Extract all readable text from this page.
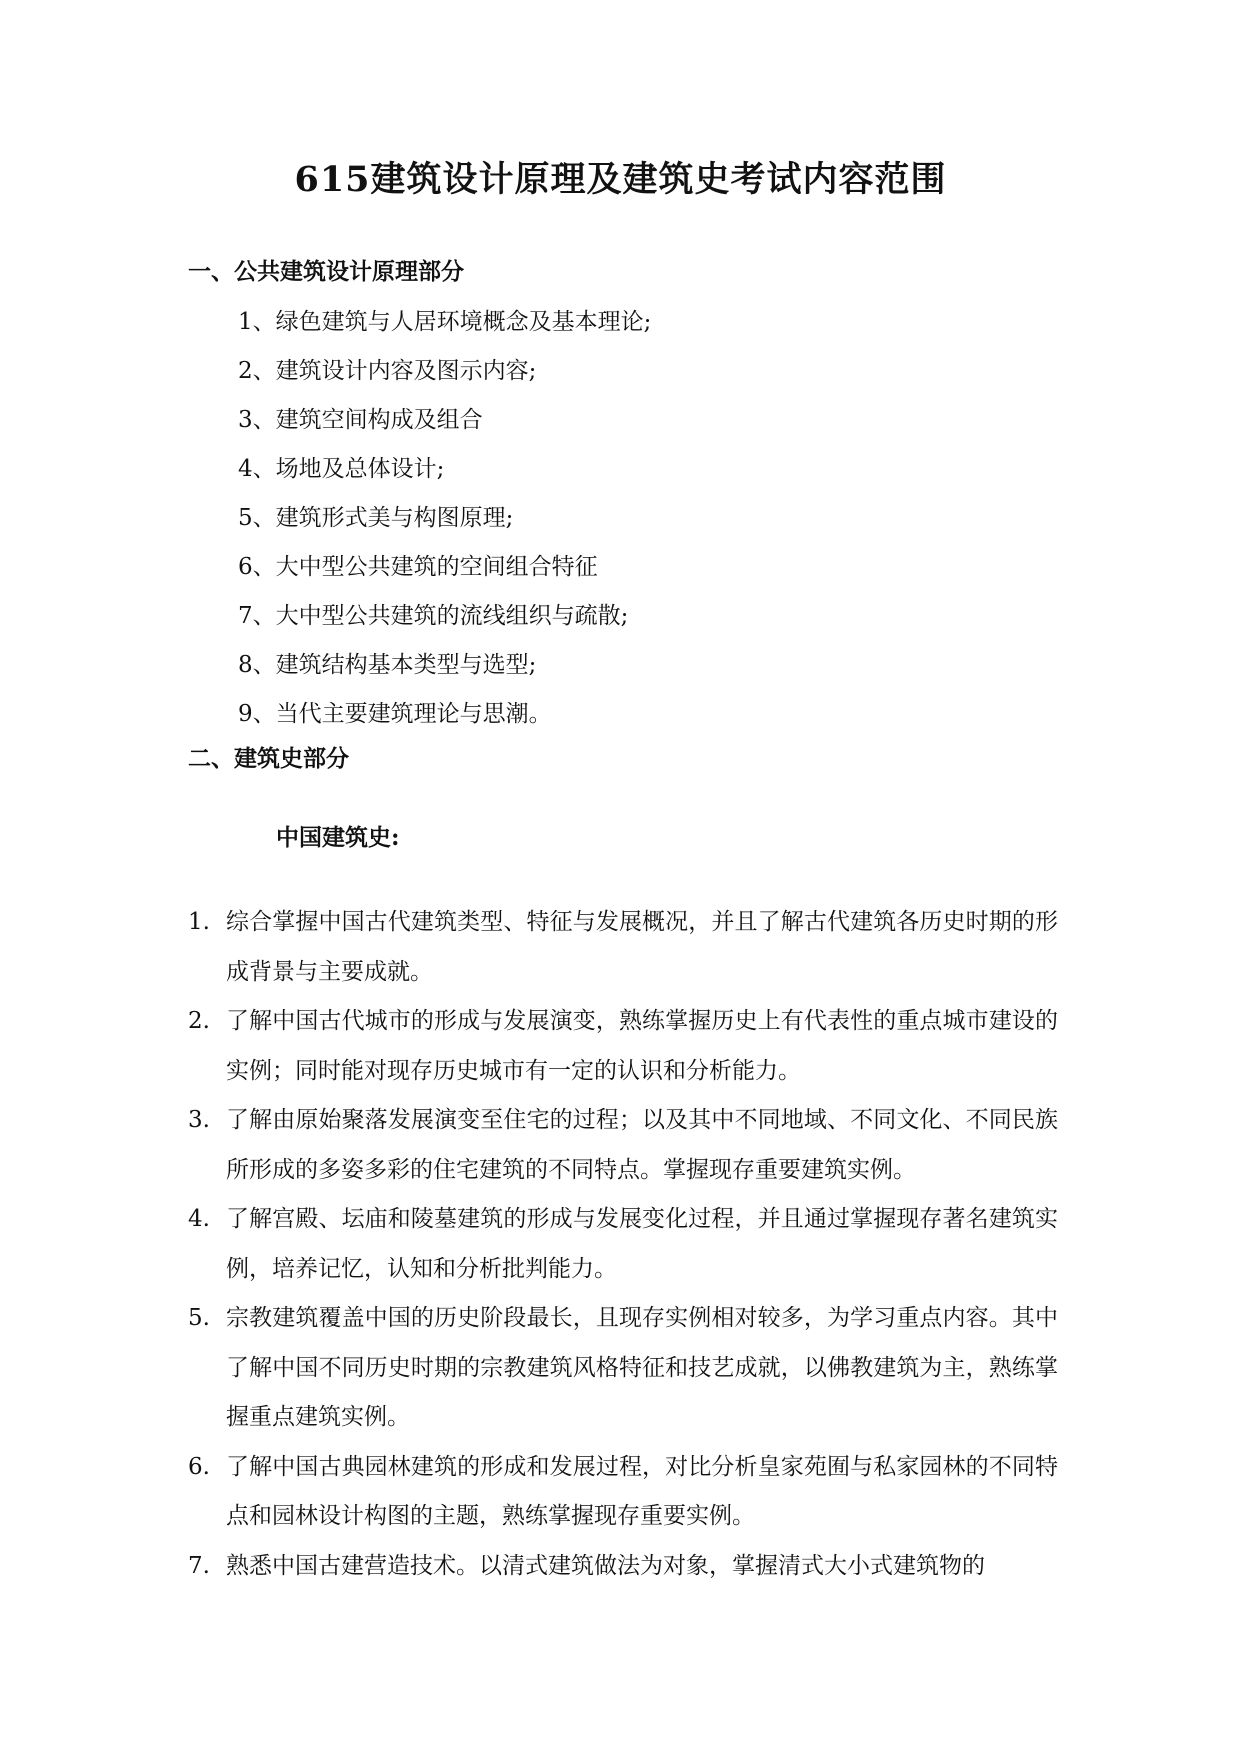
615建筑设计原理及建筑史考试内容范围
一、公共建筑设计原理部分
1、绿色建筑与人居环境概念及基本理论;
2、建筑设计内容及图示内容;
3、建筑空间构成及组合
4、场地及总体设计;
5、建筑形式美与构图原理;
6、大中型公共建筑的空间组合特征
7、大中型公共建筑的流线组织与疏散;
8、建筑结构基本类型与选型;
9、当代主要建筑理论与思潮。
二、建筑史部分
中国建筑史:
1. 综合掌握中国古代建筑类型、特征与发展概况，并且了解古代建筑各历史时期的形成背景与主要成就。
2. 了解中国古代城市的形成与发展演变，熟练掌握历史上有代表性的重点城市建设的实例；同时能对现存历史城市有一定的认识和分析能力。
3. 了解由原始聚落发展演变至住宅的过程；以及其中不同地域、不同文化、不同民族所形成的多姿多彩的住宅建筑的不同特点。掌握现存重要建筑实例。
4. 了解宫殿、坛庙和陵墓建筑的形成与发展变化过程，并且通过掌握现存著名建筑实例，培养记忆，认知和分析批判能力。
5. 宗教建筑覆盖中国的历史阶段最长，且现存实例相对较多，为学习重点内容。其中了解中国不同历史时期的宗教建筑风格特征和技艺成就，以佛教建筑为主，熟练掌握重点建筑实例。
6. 了解中国古典园林建筑的形成和发展过程，对比分析皇家苑囿与私家园林的不同特点和园林设计构图的主题，熟练掌握现存重要实例。
7. 熟悉中国古建营造技术。以清式建筑做法为对象，掌握清式大小式建筑物的
